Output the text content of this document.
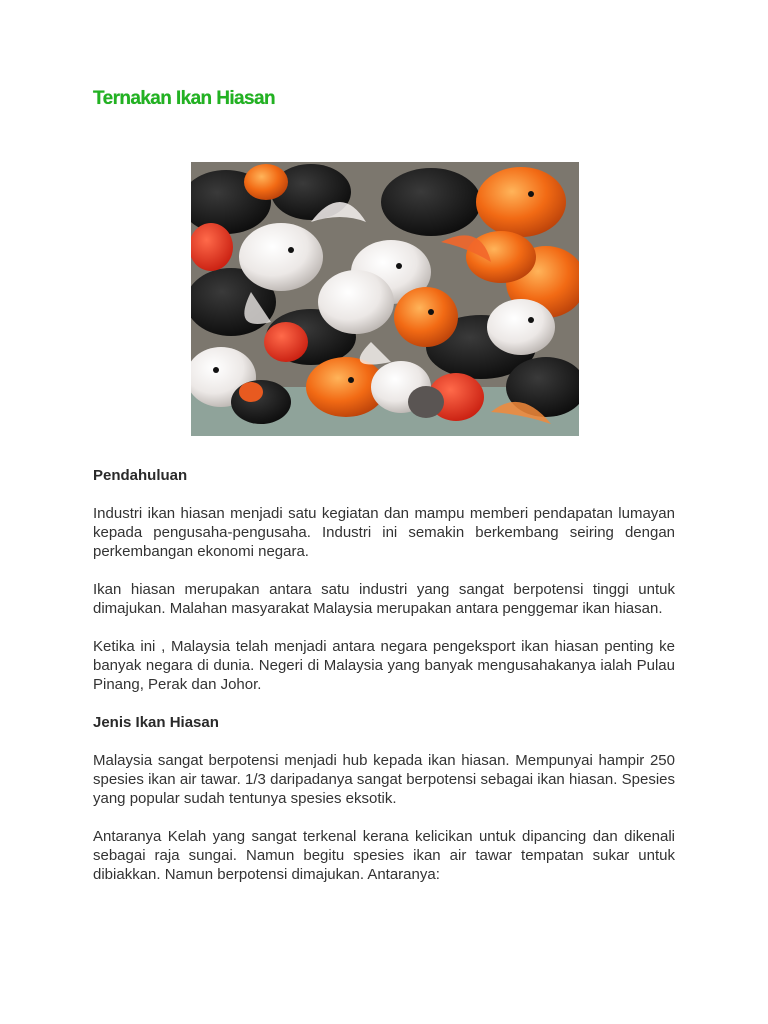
Ternakan Ikan Hiasan
Pendahuluan

Industri ikan hiasan menjadi satu kegiatan dan mampu memberi pendapatan lumayan kepada pengusaha-pengusaha. Industri ini semakin berkembang seiring dengan perkembangan ekonomi negara.

Ikan hiasan merupakan antara satu industri yang sangat berpotensi tinggi untuk dimajukan. Malahan masyarakat Malaysia merupakan antara penggemar ikan hiasan.

Ketika ini , Malaysia telah menjadi antara negara pengeksport ikan hiasan penting ke banyak negara di dunia. Negeri di Malaysia yang banyak mengusahakanya ialah Pulau Pinang, Perak dan Johor.

Jenis Ikan Hiasan

Malaysia sangat berpotensi menjadi hub kepada ikan hiasan. Mempunyai hampir 250 spesies ikan air tawar. 1/3 daripadanya sangat berpotensi sebagai ikan hiasan. Spesies yang popular sudah tentunya spesies eksotik.

Antaranya Kelah yang sangat terkenal kerana kelicikan untuk dipancing dan dikenali sebagai raja sungai. Namun begitu spesies ikan air tawar tempatan sukar untuk dibiakkan. Namun berpotensi dimajukan. Antaranya:
